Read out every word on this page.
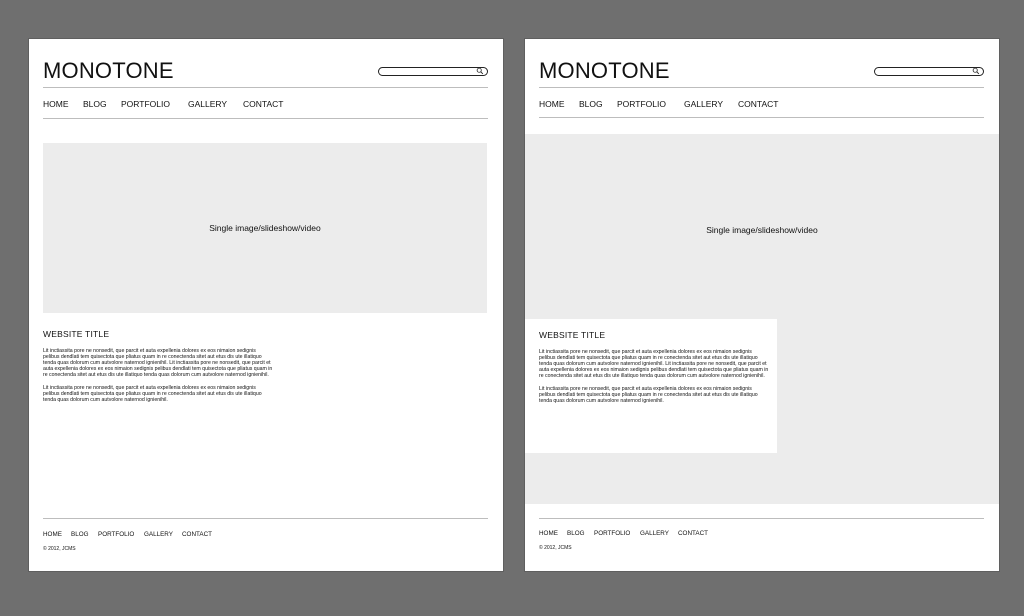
MONOTONE
HOME BLOG PORTFOLIO GALLERY CONTACT
Single image/slideshow/video
WEBSITE TITLE

Lit inctiassita pore ne nonsedit, que parcit et auta expellenia dolores ex eos nimaion sedignis pelibus dendlati tem quisectota que pliatus quam in re conectenda sitet aut etus dis ute illatiquo tenda quas dolorum cum autvolore naternod ignienihil. Lit inctiassita pore ne nonsedit, que parcit et auta expellenia dolores ex eos nimaion sedignis pelibus dendlati tem quisectota que pliatus quam in re conectenda sitet aut etus dis ute illatiquo tenda quas dolorum cum autvolore naternod ignienihil.

Lit inctiassita pore ne nonsedit, que parcit et auta expellenia dolores ex eos nimaion sedignis pelibus dendlati tem quisectota que pliatus quam in re conectenda sitet aut etus dis ute illatiquo tenda quas dolorum cum autvolore naternod ignienihil.

HOME BLOG PORTFOLIO GALLERY CONTACT
© 2012, JCMS
MONOTONE
HOME BLOG PORTFOLIO GALLERY CONTACT
Single image/slideshow/video
WEBSITE TITLE

Lit inctiassita pore ne nonsedit, que parcit et auta expellenia dolores ex eos nimaion sedignis pelibus dendlati tem quisectota que pliatus quam in re conectenda sitet aut etus dis ute illatiquo tenda quas dolorum cum autvolore naternod ignienihil. Lit inctiassita pore ne nonsedit, que parcit et auta expellenia dolores ex eos nimaion sedignis pelibus dendlati tem quisectota que pliatus quam in re conectenda sitet aut etus dis ute illatiquo tenda quas dolorum cum autvolore naternod ignienihil.

Lit inctiassita pore ne nonsedit, que parcit et auta expellenia dolores ex eos nimaion sedignis pelibus dendlati tem quisectota que pliatus quam in re conectenda sitet aut etus dis ute illatiquo tenda quas dolorum cum autvolore naternod ignienihil.

HOME BLOG PORTFOLIO GALLERY CONTACT
© 2012, JCMS
